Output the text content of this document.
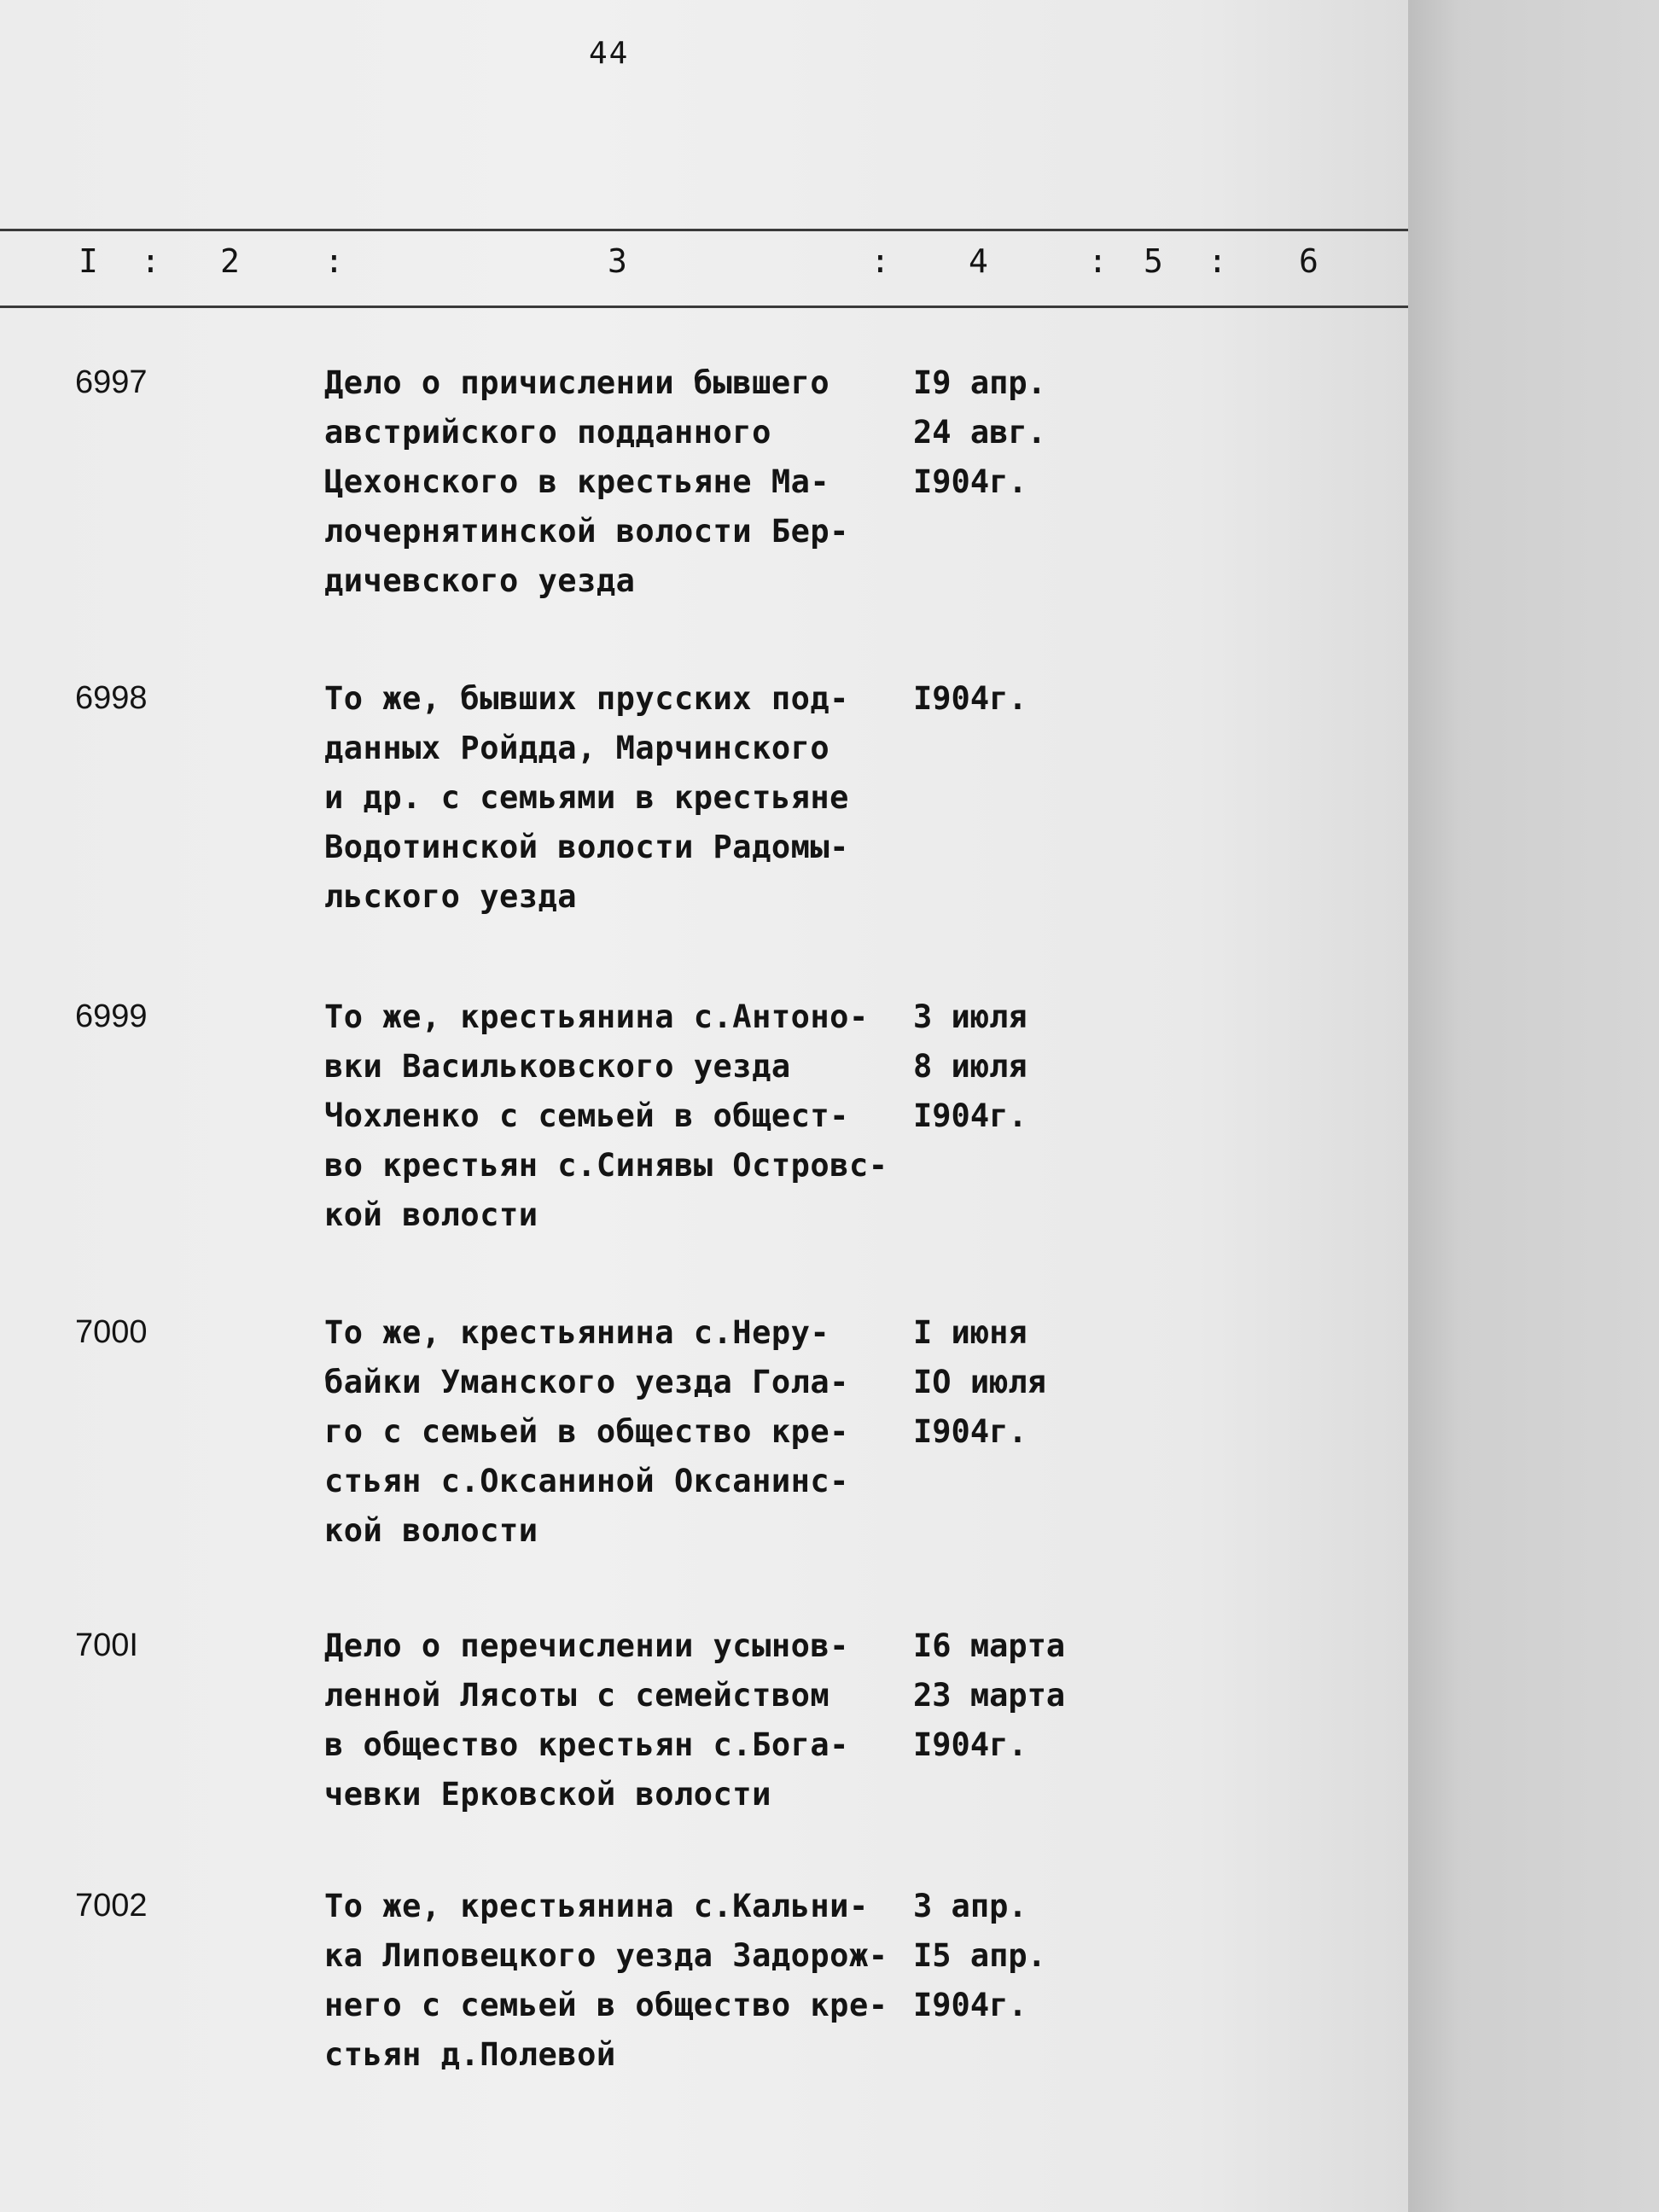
44
I : 2	:	3	: 4	: 5 : 6
6997	Дело о причислении бывшего
австрийского подданного
Цехонского в крестьяне Ма-
лочернятинской волости Бер-
дичевского уезда
I9 апр.
24 авг.
I904г.
6998	То же, бывших прусских под-
данных Ройдда, Марчинского
и др. с семьями в крестьяне
Водотинской волости Радомы-
льского уезда
I904г.
6999	То же, крестьянина с.Антоно-
вки Васильковского уезда
Чохленко с семьей в общест-
во крестьян с.Синявы Островс-
кой волости
3 июля
8 июля
I904г.
7000	То же, крестьянина с.Неру-
байки Уманского уезда Гола-
го с семьей в общество кре-
стьян с.Оксаниной Оксанинс-
кой волости
I июня
IO июля
I904г.
700I	Дело о перечислении усынов-
ленной Лясоты с семейством
в общество крестьян с.Бога-
чевки Ерковской волости
I6 марта
23 марта
I904г.
7002	То же, крестьянина с.Кальни-
ка Липовецкого уезда Задорож-
него с семьей в общество кре-
стьян д.Полевой
3 апр.
I5 апр.
I904г.
